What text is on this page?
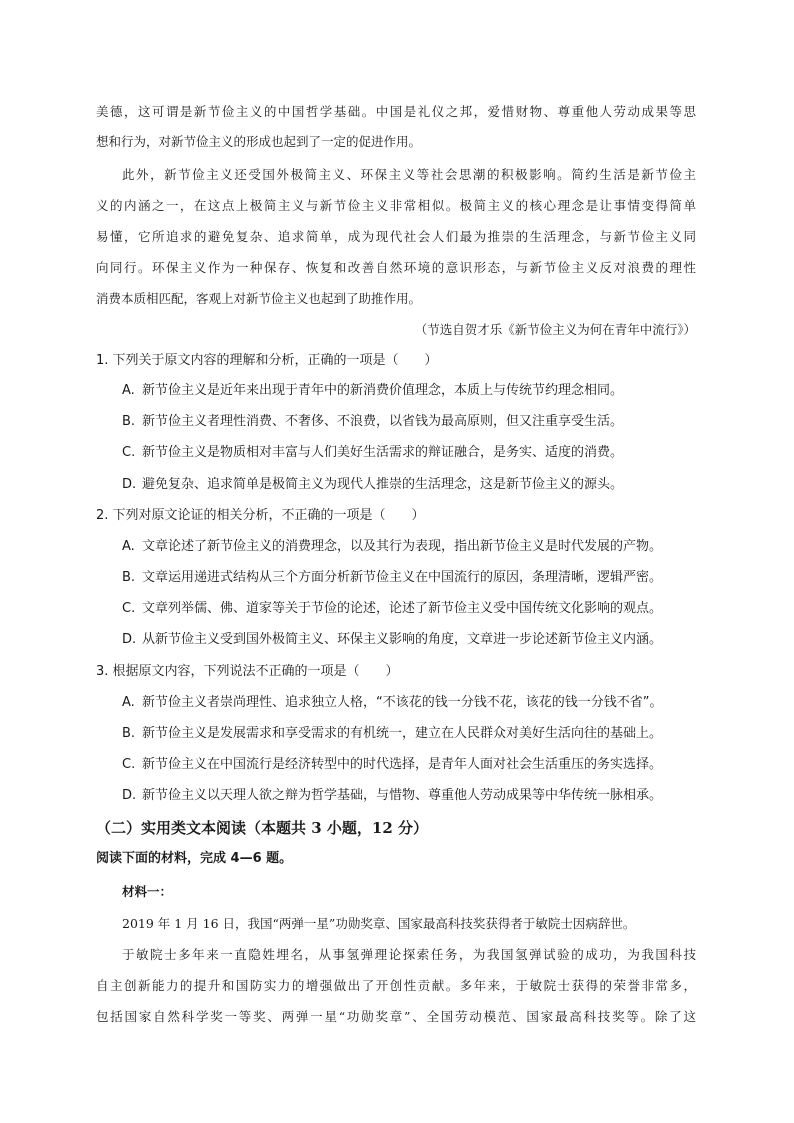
美德，这可谓是新节俭主义的中国哲学基础。中国是礼仪之邦，爱惜财物、尊重他人劳动成果等思
想和行为，对新节俭主义的形成也起到了一定的促进作用。
此外，新节俭主义还受国外极简主义、环保主义等社会思潮的积极影响。简约生活是新节俭主
义的内涵之一，在这点上极简主义与新节俭主义非常相似。极简主义的核心理念是让事情变得简单
易懂，它所追求的避免复杂、追求简单，成为现代社会人们最为推崇的生活理念，与新节俭主义同
向同行。环保主义作为一种保存、恢复和改善自然环境的意识形态，与新节俭主义反对浪费的理性
消费本质相匹配，客观上对新节俭主义也起到了助推作用。
（节选自贺才乐《新节俭主义为何在青年中流行》）
1. 下列关于原文内容的理解和分析，正确的一项是（　　）
A. 新节俭主义是近年来出现于青年中的新消费价值理念，本质上与传统节约理念相同。
B. 新节俭主义者理性消费、不奢侈、不浪费，以省钱为最高原则，但又注重享受生活。
C. 新节俭主义是物质相对丰富与人们美好生活需求的辩证融合，是务实、适度的消费。
D. 避免复杂、追求简单是极简主义为现代人推崇的生活理念，这是新节俭主义的源头。
2. 下列对原文论证的相关分析，不正确的一项是（　　）
A. 文章论述了新节俭主义的消费理念，以及其行为表现，指出新节俭主义是时代发展的产物。
B. 文章运用递进式结构从三个方面分析新节俭主义在中国流行的原因，条理清晰，逻辑严密。
C. 文章列举儒、佛、道家等关于节俭的论述，论述了新节俭主义受中国传统文化影响的观点。
D. 从新节俭主义受到国外极简主义、环保主义影响的角度，文章进一步论述新节俭主义内涵。
3. 根据原文内容，下列说法不正确的一项是（　　）
A. 新节俭主义者崇尚理性、追求独立人格，“不该花的钱一分钱不花，该花的钱一分钱不省”。
B. 新节俭主义是发展需求和享受需求的有机统一，建立在人民群众对美好生活向往的基础上。
C. 新节俭主义在中国流行是经济转型中的时代选择，是青年人面对社会生活重压的务实选择。
D. 新节俭主义以天理人欲之辩为哲学基础，与惜物、尊重他人劳动成果等中华传统一脉相承。
（二）实用类文本阅读（本题共 3 小题，12 分）
阅读下面的材料，完成 4—6 题。
材料一：
2019 年 1 月 16 日，我国“两弹一星”功勋奖章、国家最高科技奖获得者于敏院士因病辞世。
于敏院士多年来一直隐姓埋名，从事氢弹理论探索任务，为我国氢弹试验的成功，为我国科技
自主创新能力的提升和国防实力的增强做出了开创性贡献。多年来，于敏院士获得的荣誉非常多，
包括国家自然科学奖一等奖、两弹一星“功勋奖章”、全国劳动模范、国家最高科技奖等。除了这
